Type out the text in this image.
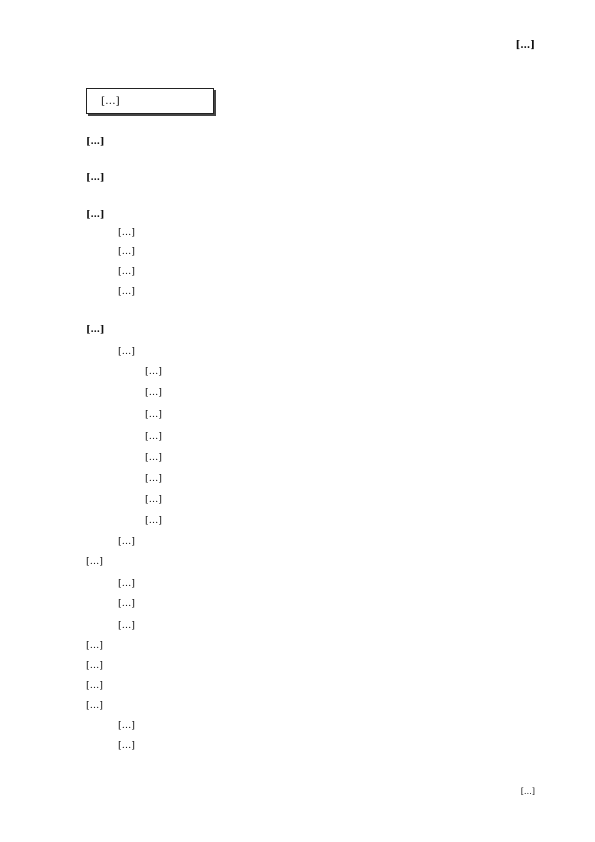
[…]
[…]
[…]
[…]
[…]
[…]
[…]
[…]
[…]
[…]
[…]
[…]
[…]
[…]
[…]
[…]
[…]
[…]
[…]
[…]
[…]
[…]
[…]
[…]
[…]
[…]
[…]
[…]
[…]
[…]
[…]
